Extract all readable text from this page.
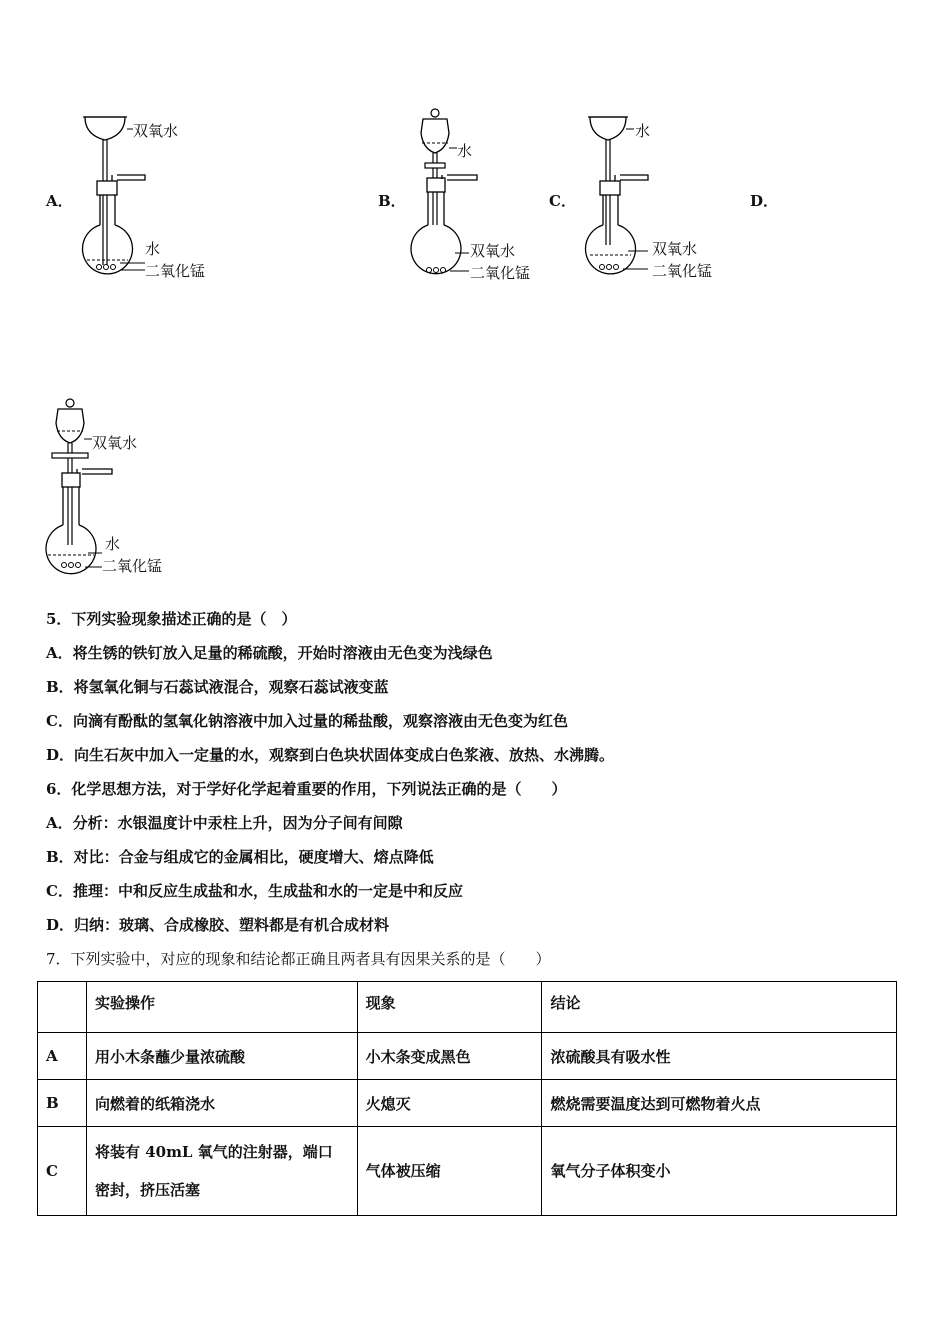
A．
双氧水
水
二氧化锰
B．
水
双氧水
二氧化锰
C．
水
双氧水
二氧化锰
D．
双氧水
水
二氧化锰
5．下列实验现象描述正确的是（　）
A．将生锈的铁钉放入足量的稀硫酸，开始时溶液由无色变为浅绿色
B．将氢氧化铜与石蕊试液混合，观察石蕊试液变蓝
C．向滴有酚酞的氢氧化钠溶液中加入过量的稀盐酸，观察溶液由无色变为红色
D．向生石灰中加入一定量的水，观察到白色块状固体变成白色浆液、放热、水沸腾。
6．化学思想方法，对于学好化学起着重要的作用，下列说法正确的是（　　）
A．分析：水银温度计中汞柱上升，因为分子间有间隙
B．对比：合金与组成它的金属相比，硬度增大、熔点降低
C．推理：中和反应生成盐和水，生成盐和水的一定是中和反应
D．归纳：玻璃、合成橡胶、塑料都是有机合成材料
7．下列实验中，对应的现象和结论都正确且两者具有因果关系的是（　　）
	实验操作	现象	结论
A	用小木条蘸少量浓硫酸	小木条变成黑色	浓硫酸具有吸水性
B	向燃着的纸箱浇水	火熄灭	燃烧需要温度达到可燃物着火点
C	将装有 40mL 氧气的注射器，端口
密封，挤压活塞	气体被压缩	氧气分子体积变小
